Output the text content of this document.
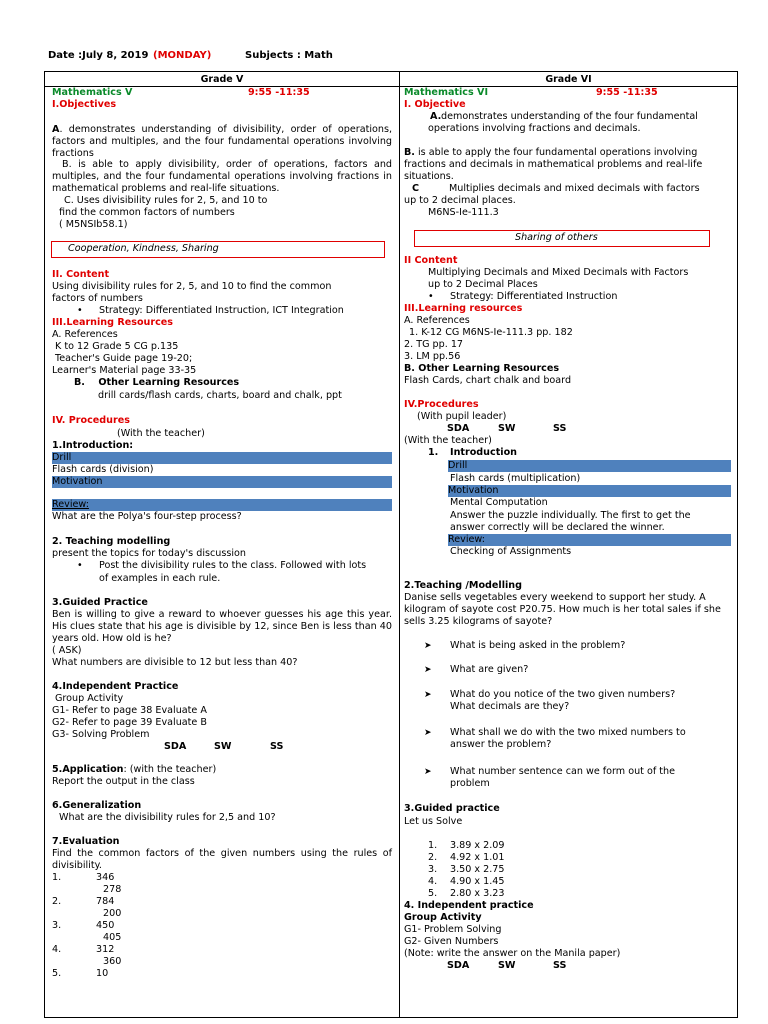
Date :July 8, 2019 (MONDAY)	Subjects : Math
Grade V	Grade VI
Mathematics V	9:55 -11:35
I.Objectives
A. demonstrates understanding of divisibility, order of operations, factors and multiples, and the four fundamental operations involving fractions
B. is able to apply divisibility, order of operations, factors and multiples, and the four fundamental operations involving fractions in mathematical problems and real-life situations.
C. Uses divisibility rules for 2, 5, and 10 to
find the common factors of numbers
( M5NSIb58.1)
Cooperation, Kindness, Sharing
II. Content
Using divisibility rules for 2, 5, and 10 to find the common
factors of numbers
• Strategy: Differentiated Instruction, ICT Integration
III.Learning Resources
A. References
K to 12 Grade 5 CG p.135
Teacher's Guide page 19-20;
Learner's Material page 33-35
B. Other Learning Resources
drill cards/flash cards, charts, board and chalk, ppt
IV. Procedures
(With the teacher)
1.Introduction:
Drill
Flash cards (division)
Motivation
Review:
What are the Polya's four-step process?
2. Teaching modelling
present the topics for today's discussion
• Post the divisibility rules to the class. Followed with lots
of examples in each rule.
3.Guided Practice
Ben is willing to give a reward to whoever guesses his age this year. His clues state that his age is divisible by 12, since Ben is less than 40 years old. How old is he?
( ASK)
What numbers are divisible to 12 but less than 40?
4.Independent Practice
Group Activity
G1- Refer to page 38 Evaluate A
G2- Refer to page 39 Evaluate B
G3- Solving Problem
SDA	SW	SS
5.Application: (with the teacher)
Report the output in the class
6.Generalization
What are the divisibility rules for 2,5 and 10?
7.Evaluation
Find the common factors of the given numbers using the rules of divisibility.
1.	346
278
2.	784
200
3.	450
405
4.	312
360
5.	10
Mathematics VI	9:55 -11:35
I. Objective
A. demonstrates understanding of the four fundamental operations involving fractions and decimals.
B. is able to apply the four fundamental operations involving fractions and decimals in mathematical problems and real-life situations.
C	Multiplies decimals and mixed decimals with factors
up to 2 decimal places.
M6NS-Ie-111.3
Sharing of others
II Content
Multiplying Decimals and Mixed Decimals with Factors
up to 2 Decimal Places
• Strategy: Differentiated Instruction
III.Learning resources
A. References
1. K-12 CG M6NS-Ie-111.3 pp. 182
2. TG pp. 17
3. LM pp.56
B. Other Learning Resources
Flash Cards, chart chalk and board
IV.Procedures
(With pupil leader)
SDA	SW	SS
(With the teacher)
1. Introduction
Drill
Flash cards (multiplication)
Motivation
Mental Computation
Answer the puzzle individually. The first to get the answer correctly will be declared the winner.
Review:
Checking of Assignments
2.Teaching /Modelling
Danise sells vegetables every weekend to support her study. A kilogram of sayote cost P20.75. How much is her total sales if she sells 3.25 kilograms of sayote?
➤ What is being asked in the problem?
➤ What are given?
➤ What do you notice of the two given numbers?
What decimals are they?
➤ What shall we do with the two mixed numbers to
answer the problem?
➤ What number sentence can we form out of the
problem
3.Guided practice
Let us Solve
1. 3.89 x 2.09
2. 4.92 x 1.01
3. 3.50 x 2.75
4. 4.90 x 1.45
5. 2.80 x 3.23
4. Independent practice
Group Activity
G1- Problem Solving
G2- Given Numbers
(Note: write the answer on the Manila paper)
SDA	SW	SS
